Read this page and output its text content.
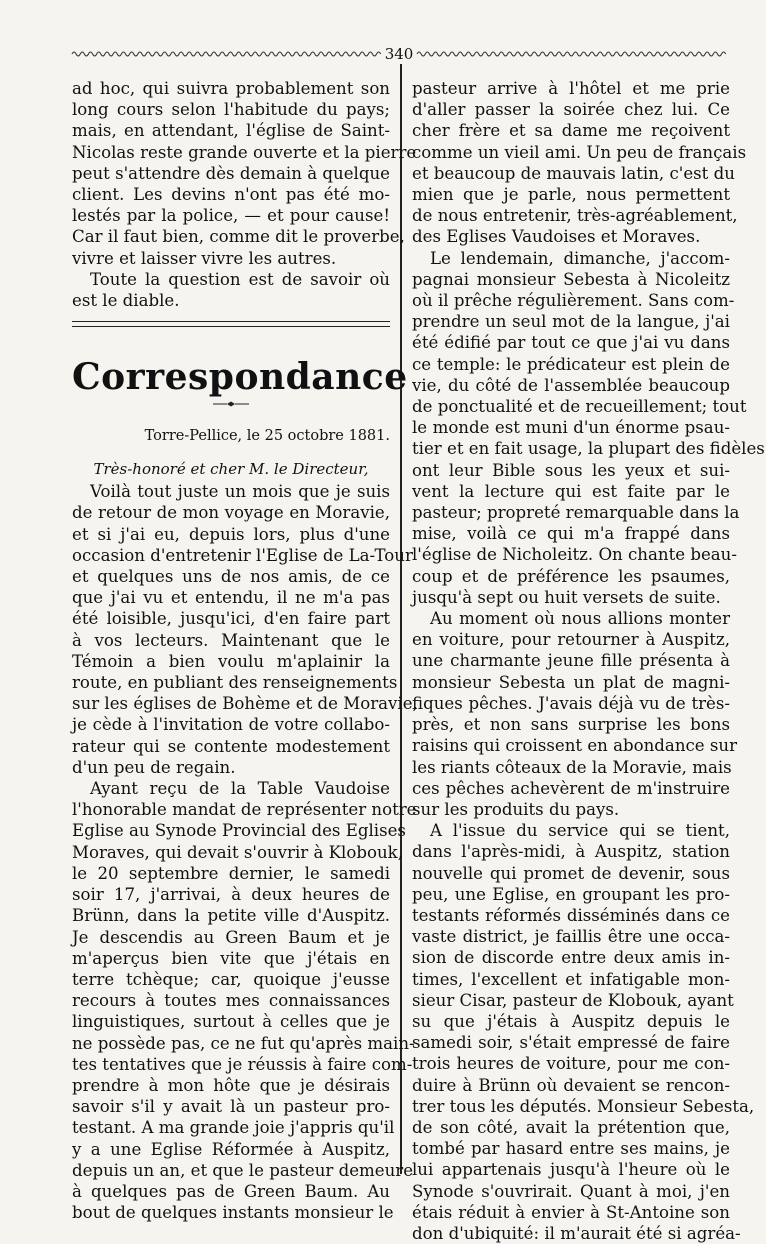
340
ad hoc, qui suivra probablement son
long cours selon l'habitude du pays;
mais, en attendant, l'église de Saint-
Nicolas reste grande ouverte et la pierre
peut s'attendre dès demain à quelque
client. Les devins n'ont pas été mo-
lestés par la police, — et pour cause!
Car il faut bien, comme dit le proverbe,
vivre et laisser vivre les autres.
Toute la question est de savoir où
est le diable.
Correspondance
Torre-Pellice, le 25 octobre 1881.
Très-honoré et cher M. le Directeur,
Voilà tout juste un mois que je suis
de retour de mon voyage en Moravie,
et si j'ai eu, depuis lors, plus d'une
occasion d'entretenir l'Eglise de La-Tour
et quelques uns de nos amis, de ce
que j'ai vu et entendu, il ne m'a pas
été loisible, jusqu'ici, d'en faire part
à vos lecteurs. Maintenant que le
Témoin a bien voulu m'aplainir la
route, en publiant des renseignements
sur les églises de Bohème et de Moravie,
je cède à l'invitation de votre collabo-
rateur qui se contente modestement
d'un peu de regain.
Ayant reçu de la Table Vaudoise
l'honorable mandat de représenter notre
Eglise au Synode Provincial des Eglises
Moraves, qui devait s'ouvrir à Klobouk,
le 20 septembre dernier, le samedi
soir 17, j'arrivai, à deux heures de
Brünn, dans la petite ville d'Auspitz.
Je descendis au Green Baum et je
m'aperçus bien vite que j'étais en
terre tchèque; car, quoique j'eusse
recours à toutes mes connaissances
linguistiques, surtout à celles que je
ne possède pas, ce ne fut qu'après main-
tes tentatives que je réussis à faire com-
prendre à mon hôte que je désirais
savoir s'il y avait là un pasteur pro-
testant. A ma grande joie j'appris qu'il
y a une Eglise Réformée à Auspitz,
depuis un an, et que le pasteur demeure
à quelques pas de Green Baum. Au
bout de quelques instants monsieur le
pasteur arrive à l'hôtel et me prie
d'aller passer la soirée chez lui. Ce
cher frère et sa dame me reçoivent
comme un vieil ami. Un peu de français
et beaucoup de mauvais latin, c'est du
mien que je parle, nous permettent
de nous entretenir, très-agréablement,
des Eglises Vaudoises et Moraves.
Le lendemain, dimanche, j'accom-
pagnai monsieur Sebesta à Nicoleitz
où il prêche régulièrement. Sans com-
prendre un seul mot de la langue, j'ai
été édifié par tout ce que j'ai vu dans
ce temple: le prédicateur est plein de
vie, du côté de l'assemblée beaucoup
de ponctualité et de recueillement; tout
le monde est muni d'un énorme psau-
tier et en fait usage, la plupart des fidèles
ont leur Bible sous les yeux et sui-
vent la lecture qui est faite par le
pasteur; propreté remarquable dans la
mise, voilà ce qui m'a frappé dans
l'église de Nicholeitz. On chante beau-
coup et de préférence les psaumes,
jusqu'à sept ou huit versets de suite.
Au moment où nous allions monter
en voiture, pour retourner à Auspitz,
une charmante jeune fille présenta à
monsieur Sebesta un plat de magni-
fiques pêches. J'avais déjà vu de très-
près, et non sans surprise les bons
raisins qui croissent en abondance sur
les riants côteaux de la Moravie, mais
ces pêches achevèrent de m'instruire
sur les produits du pays.
A l'issue du service qui se tient,
dans l'après-midi, à Auspitz, station
nouvelle qui promet de devenir, sous
peu, une Eglise, en groupant les pro-
testants réformés disséminés dans ce
vaste district, je faillis être une occa-
sion de discorde entre deux amis in-
times, l'excellent et infatigable mon-
sieur Cisar, pasteur de Klobouk, ayant
su que j'étais à Auspitz depuis le
samedi soir, s'était empressé de faire
trois heures de voiture, pour me con-
duire à Brünn où devaient se rencon-
trer tous les députés. Monsieur Sebesta,
de son côté, avait la prétention que,
tombé par hasard entre ses mains, je
lui appartenais jusqu'à l'heure où le
Synode s'ouvrirait. Quant à moi, j'en
étais réduit à envier à St-Antoine son
don d'ubiquité: il m'aurait été si agréa-
